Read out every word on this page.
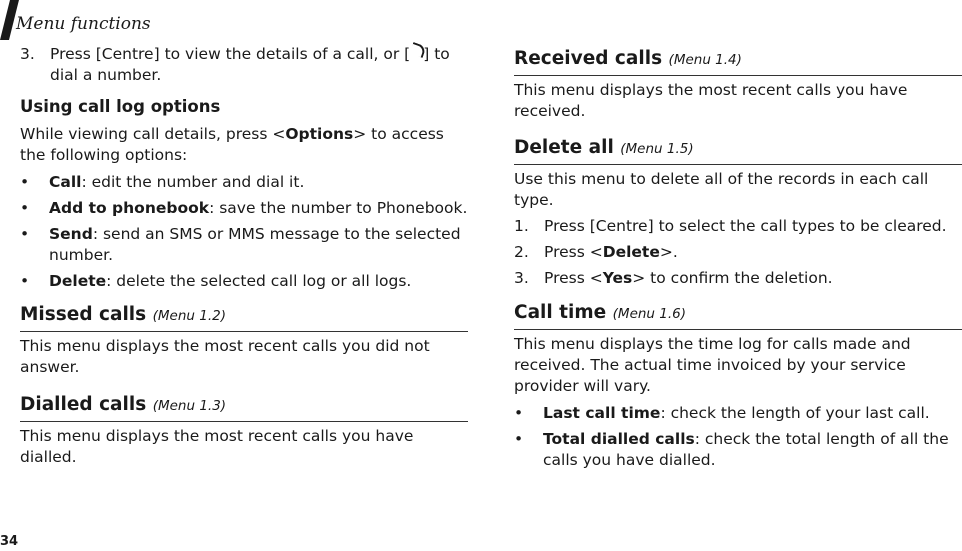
Menu functions
3. Press [Centre] to view the details of a call, or [ ] to dial a number.

Using call log options

While viewing call details, press <Options> to access the following options:

•	Call: edit the number and dial it.
•	Add to phonebook: save the number to Phonebook.
•	Send: send an SMS or MMS message to the selected number.
•	Delete: delete the selected call log or all logs.
Missed calls (Menu 1.2)

This menu displays the most recent calls you did not answer.

Dialled calls (Menu 1.3)

This menu displays the most recent calls you have dialled.

Received calls (Menu 1.4)

This menu displays the most recent calls you have received.

Delete all (Menu 1.5)

Use this menu to delete all of the records in each call type.

1. Press [Centre] to select the call types to be cleared.
2. Press <Delete>.
3. Press <Yes> to confirm the deletion.
Call time (Menu 1.6)

This menu displays the time log for calls made and received. The actual time invoiced by your service provider will vary.

•	Last call time: check the length of your last call.
•	Total dialled calls: check the total length of all the calls you have dialled.
34
